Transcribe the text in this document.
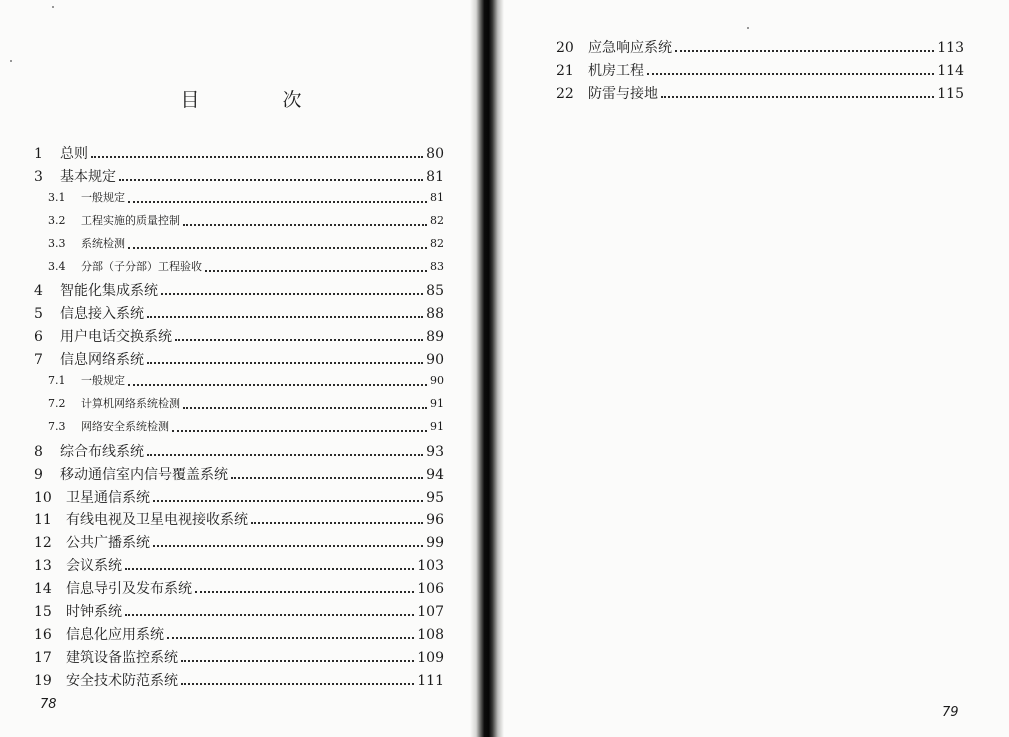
目　次
1	总则	80
3	基本规定	81
3.1	一般规定	81
3.2	工程实施的质量控制	82
3.3	系统检测	82
3.4	分部（子分部）工程验收	83
4	智能化集成系统	85
5	信息接入系统	88
6	用户电话交换系统	89
7	信息网络系统	90
7.1	一般规定	90
7.2	计算机网络系统检测	91
7.3	网络安全系统检测	91
8	综合布线系统	93
9	移动通信室内信号覆盖系统	94
10	卫星通信系统	95
11	有线电视及卫星电视接收系统	96
12	公共广播系统	99
13	会议系统	103
14	信息导引及发布系统	106
15	时钟系统	107
16	信息化应用系统	108
17	建筑设备监控系统	109
19	安全技术防范系统	111
78
20	应急响应系统	113
21	机房工程	114
22	防雷与接地	115
79
